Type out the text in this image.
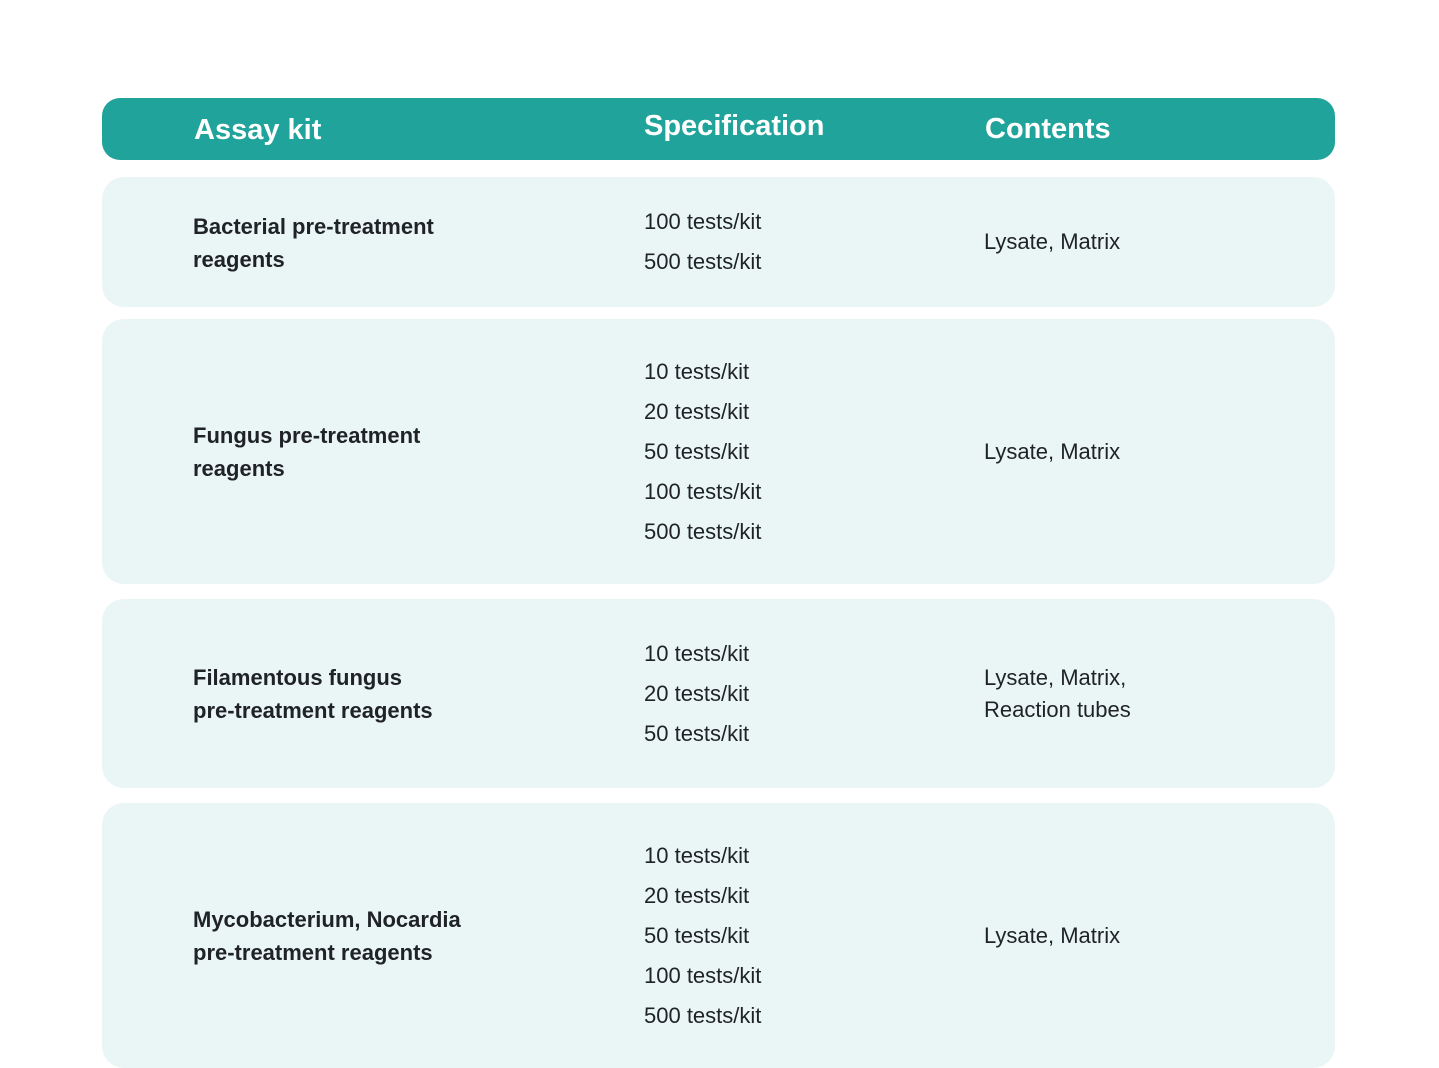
Assay kit	Specification	Contents
Bacterial pre-treatment
reagents
100 tests/kit
500 tests/kit
Lysate, Matrix
Fungus pre-treatment
reagents
10 tests/kit
20 tests/kit
50 tests/kit
100 tests/kit
500 tests/kit
Lysate, Matrix
Filamentous fungus
pre-treatment reagents
10 tests/kit
20 tests/kit
50 tests/kit
Lysate, Matrix,
Reaction tubes
Mycobacterium, Nocardia
pre-treatment reagents
10 tests/kit
20 tests/kit
50 tests/kit
100 tests/kit
500 tests/kit
Lysate, Matrix
